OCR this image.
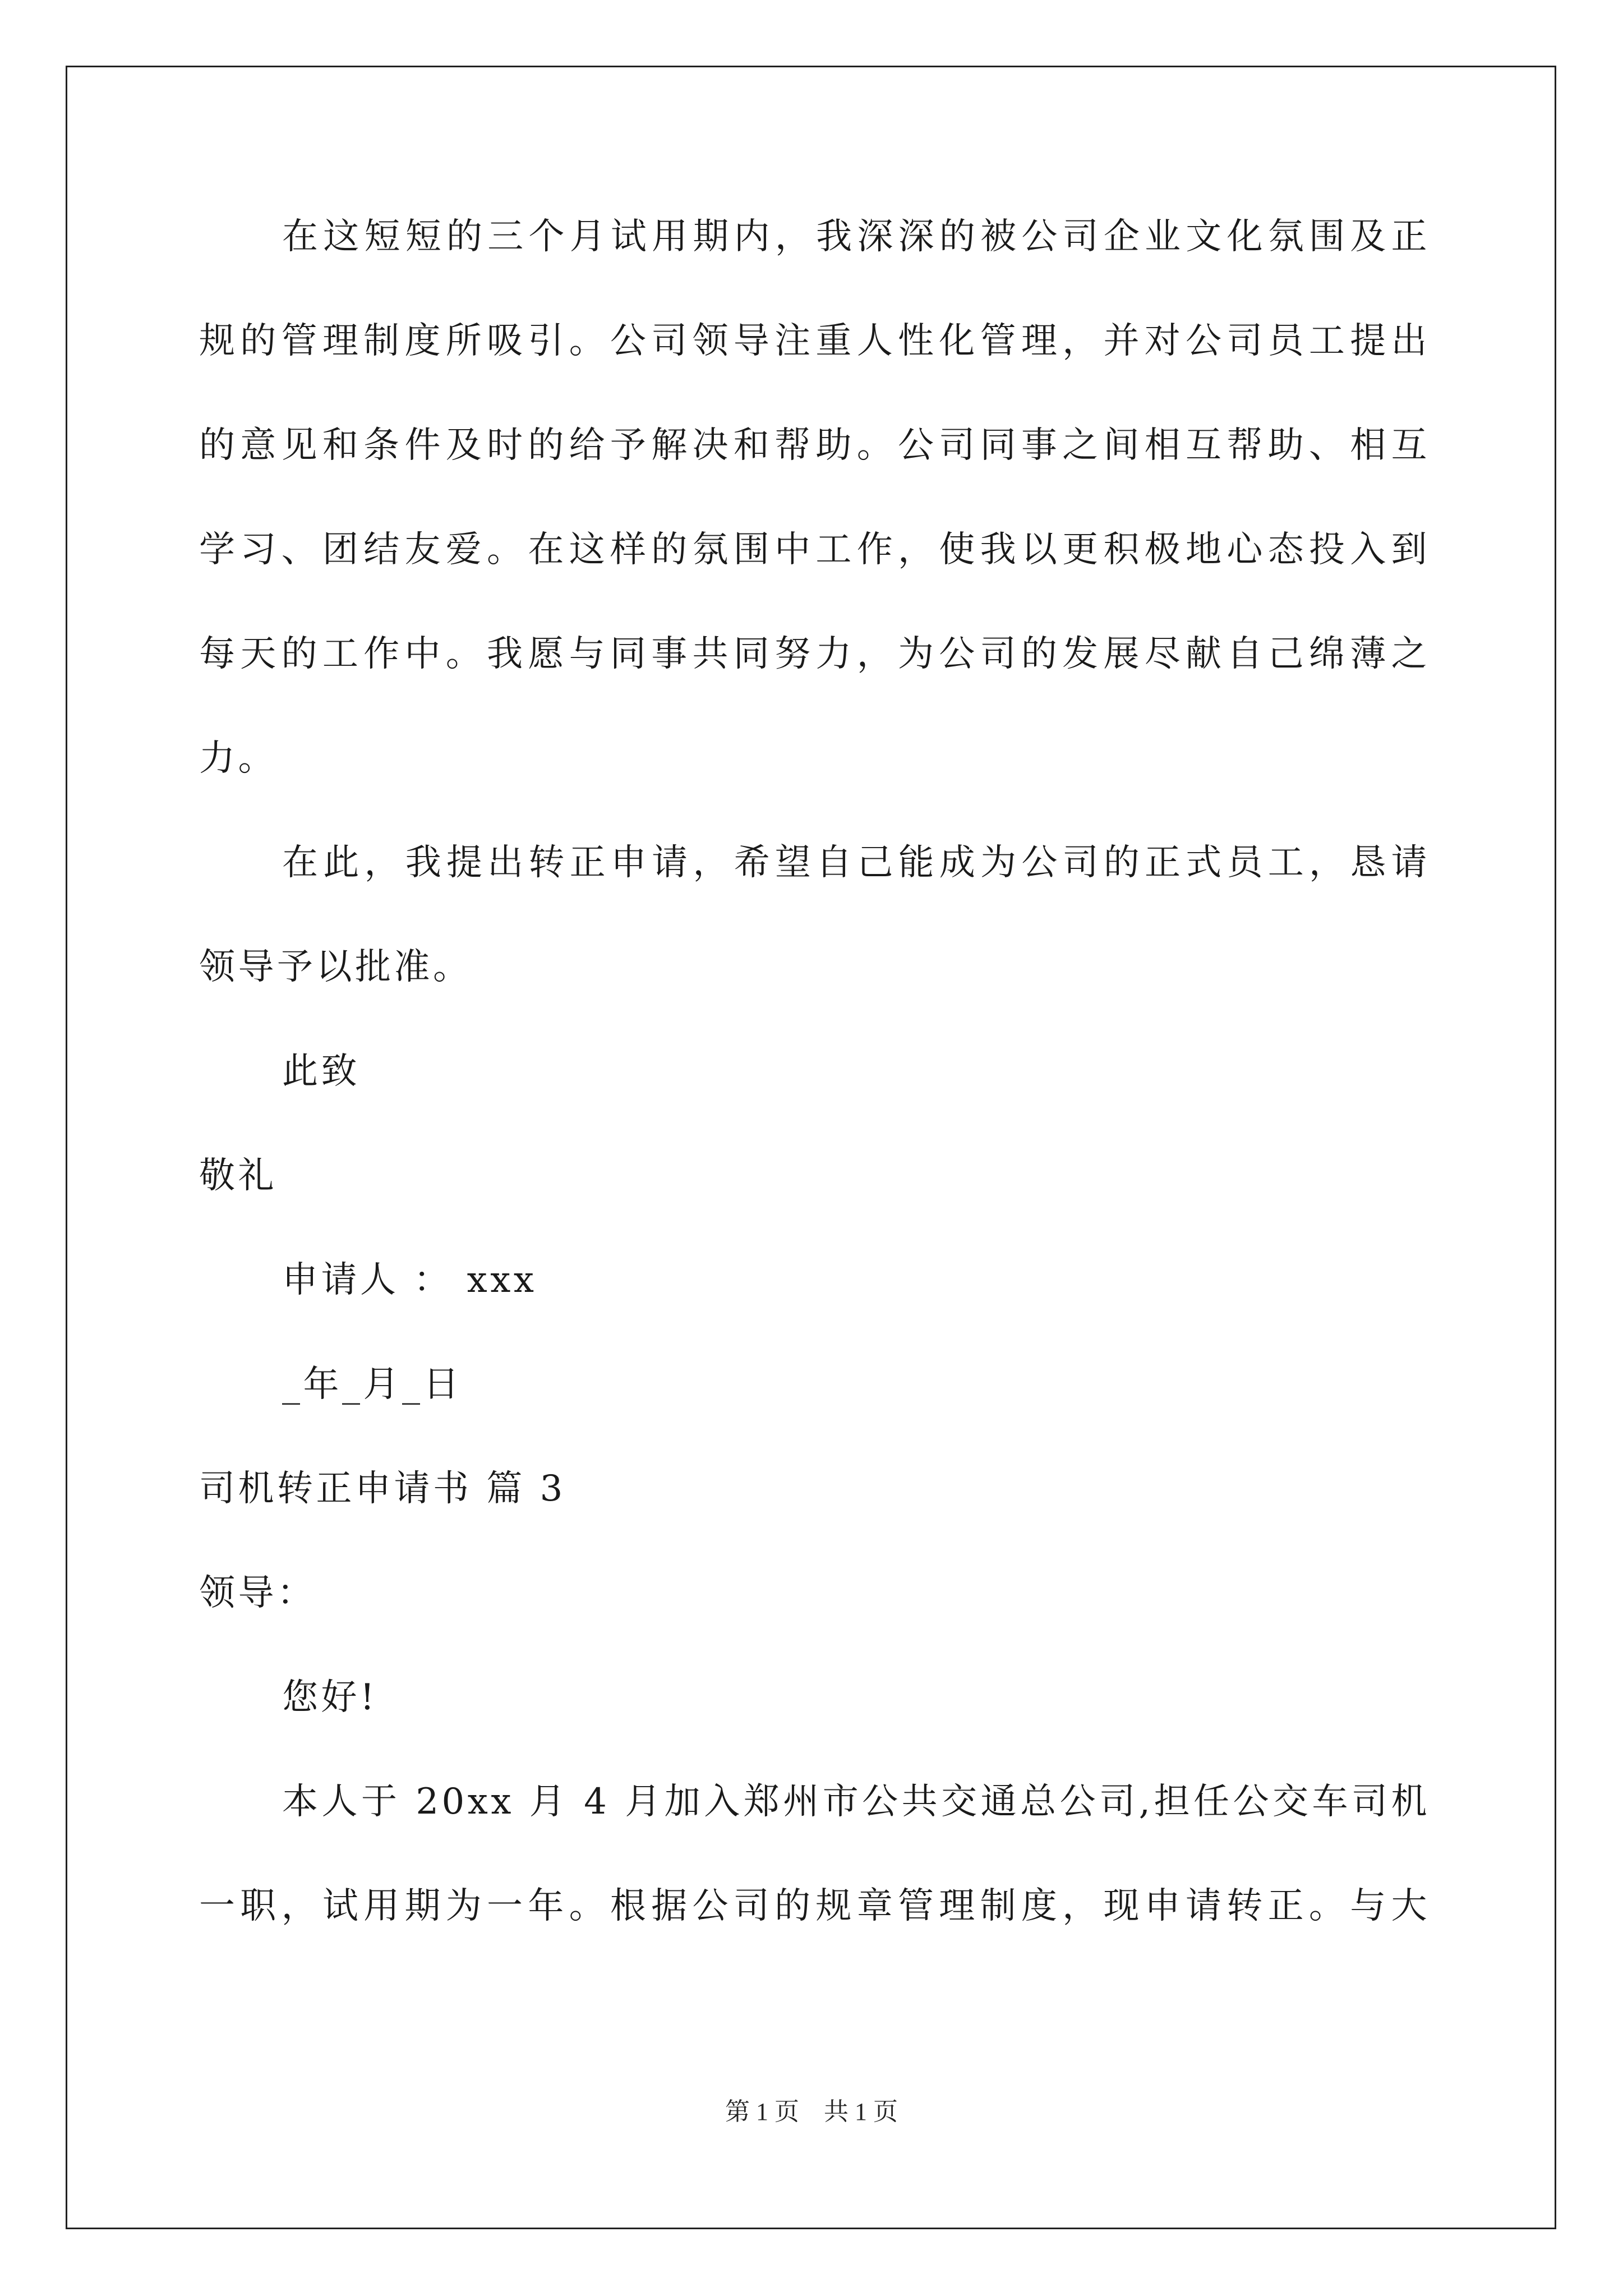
在这短短的三个月试用期内，我深深的被公司企业文化氛围及正
规的管理制度所吸引。公司领导注重人性化管理，并对公司员工提出
的意见和条件及时的给予解决和帮助。公司同事之间相互帮助、相互
学习、团结友爱。在这样的氛围中工作，使我以更积极地心态投入到
每天的工作中。我愿与同事共同努力，为公司的发展尽献自己绵薄之
力。
在此，我提出转正申请，希望自己能成为公司的正式员工，恳请
领导予以批准。
此致
敬礼
申请人 ： xxx
_年_月_日
司机转正申请书 篇 3
领导：
您好!
本人于 20xx 月 4 月加入郑州市公共交通总公司,担任公交车司机
一职，试用期为一年。根据公司的规章管理制度，现申请转正。与大
第 1 页　共 1 页
